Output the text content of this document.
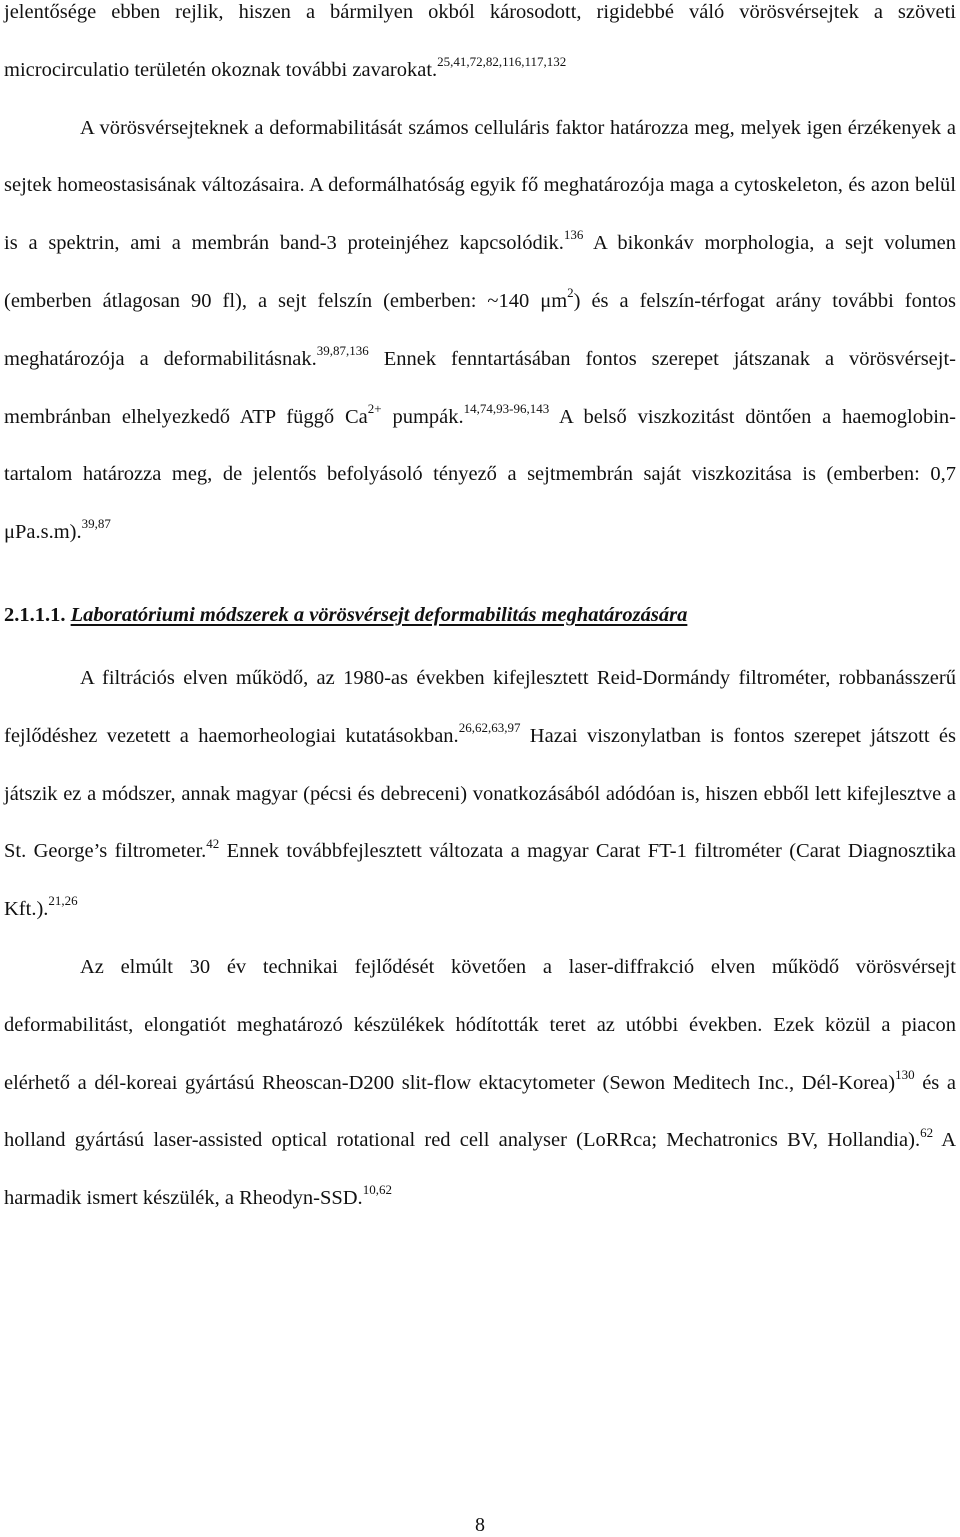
jelentősége ebben rejlik, hiszen a bármilyen okból károsodott, rigidebbé váló vörösvérsejtek a szöveti microcirculatio területén okoznak további zavarokat.$^{25,41,72,82,116,117,132}$

A vörösvérsejteknek a deformabilitását számos celluláris faktor határozza meg, melyek igen érzékenyek a sejtek homeostasisának változásaira. A deformálhatóság egyik fő meghatározója maga a cytoskeleton, és azon belül is a spektrin, ami a membrán band-3 proteinjéhez kapcsolódik.$^{136}$ A bikonkáv morphologia, a sejt volumen (emberben átlagosan 90 fl), a sejt felszín (emberben: ~140 $\mu m^2$) és a felszín-térfogat arány további fontos meghatározója a deformabilitásnak.$^{39,87,136}$ Ennek fenntartásában fontos szerepet játszanak a vörösvérsejt-membránban elhelyezkedő ATP függő $Ca^{2+}$ pumpák.$^{14,74,93-96,143}$ A belső viszkozitást döntően a haemoglobin-tartalom határozza meg, de jelentős befolyásoló tényező a sejtmembrán saját viszkozitása is (emberben: 0,7 μPa.s.m).$^{39,87}$

2.1.1.1. Laboratóriumi módszerek a vörösvérsejt deformabilitás meghatározására

A filtrációs elven működő, az 1980-as években kifejlesztett Reid-Dormándy filtrométer, robbanásszerű fejlődéshez vezetett a haemorheologiai kutatásokban.$^{26,62,63,97}$ Hazai viszonylatban is fontos szerepet játszott és játszik ez a módszer, annak magyar (pécsi és debreceni) vonatkozásából adódóan is, hiszen ebből lett kifejlesztve a St. George’s filtrometer.$^{42}$ Ennek továbbfejlesztett változata a magyar Carat FT-1 filtrométer (Carat Diagnosztika Kft.).$^{21,26}$

Az elmúlt 30 év technikai fejlődését követően a laser-diffrakció elven működő vörösvérsejt deformabilitást, elongatiót meghatározó készülékek hódították teret az utóbbi években. Ezek közül a piacon elérhető a dél-koreai gyártású Rheoscan-D200 slit-flow ektacytometer (Sewon Meditech Inc., Dél-Korea)$^{130}$ és a holland gyártású laser-assisted optical rotational red cell analyser (LoRRca; Mechatronics BV, Hollandia).$^{62}$ A harmadik ismert készülék, a Rheodyn-SSD.$^{10,62}$

8
